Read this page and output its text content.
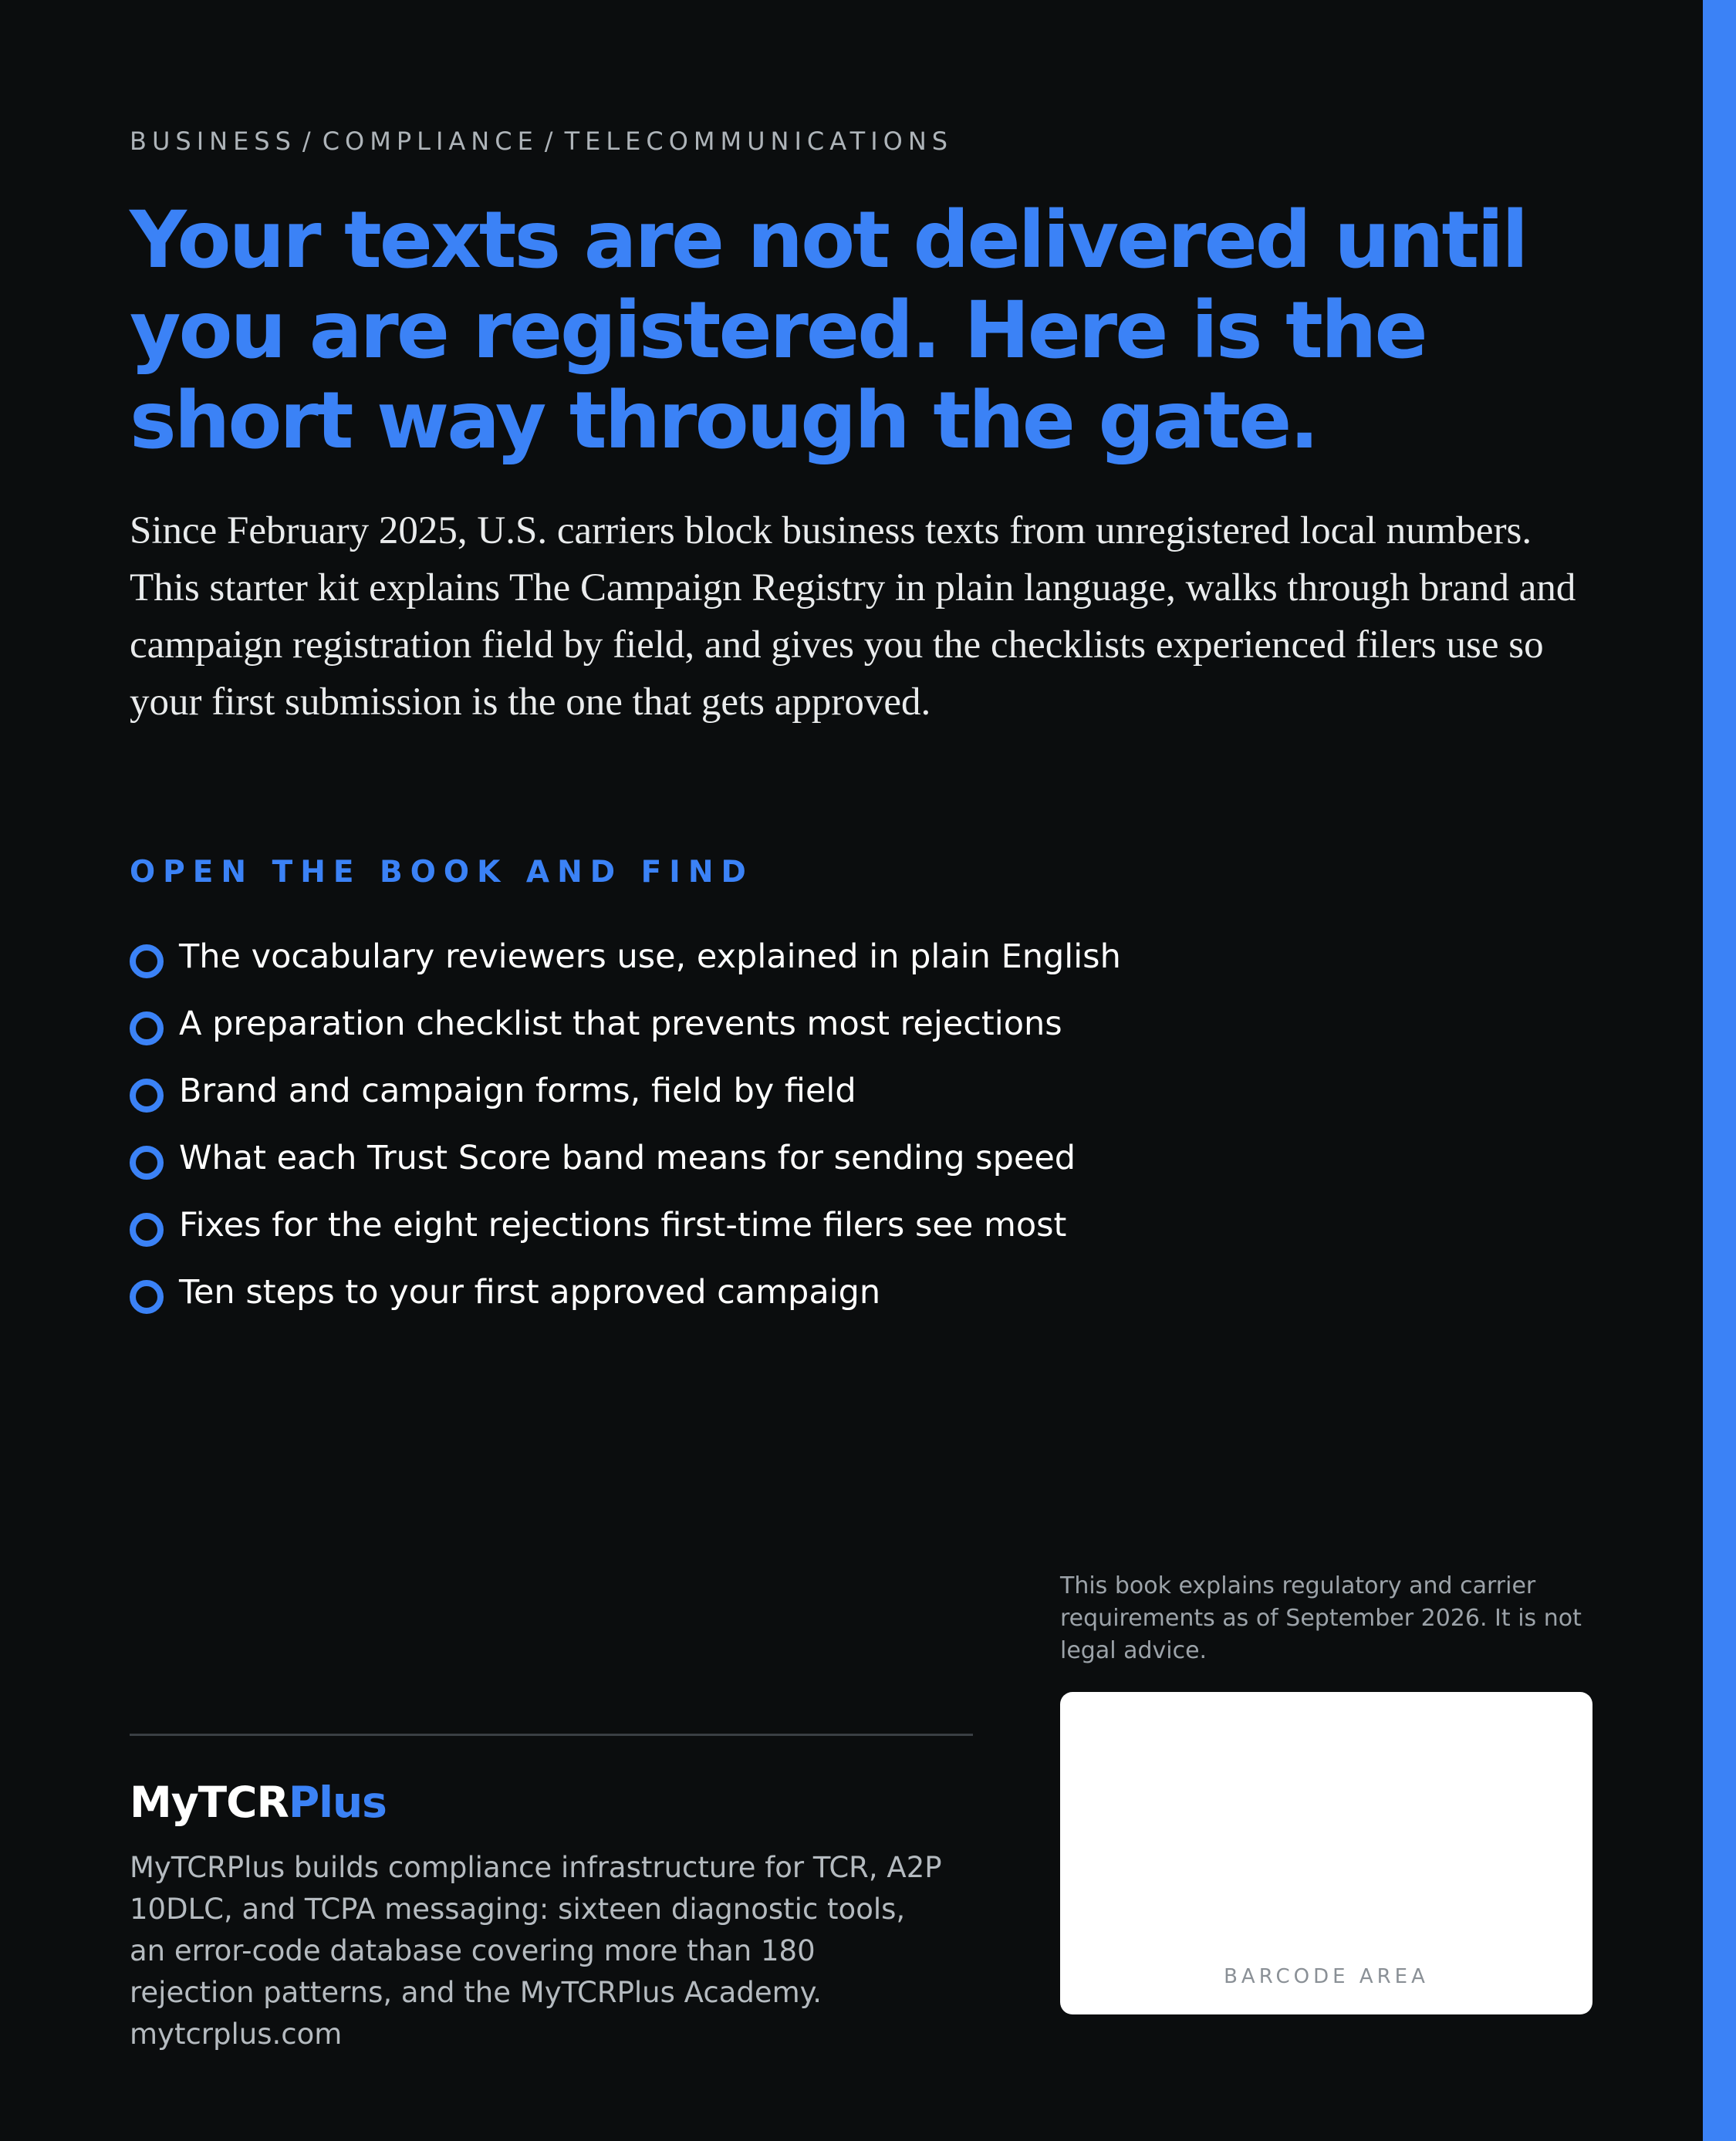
BUSINESS / COMPLIANCE / TELECOMMUNICATIONS
Your texts are not delivered until you are registered. Here is the short way through the gate.

Since February 2025, U.S. carriers block business texts from unregistered local numbers. This starter kit explains The Campaign Registry in plain language, walks through brand and campaign registration field by field, and gives you the checklists experienced filers use so your first submission is the one that gets approved.

OPEN THE BOOK AND FIND
The vocabulary reviewers use, explained in plain English
A preparation checklist that prevents most rejections
Brand and campaign forms, field by field
What each Trust Score band means for sending speed
Fixes for the eight rejections first-time filers see most
Ten steps to your first approved campaign

This book explains regulatory and carrier requirements as of September 2026. It is not legal advice.

BARCODE AREA
MyTCRPlus

MyTCRPlus builds compliance infrastructure for TCR, A2P 10DLC, and TCPA messaging: sixteen diagnostic tools, an error-code database covering more than 180 rejection patterns, and the MyTCRPlus Academy. mytcrplus.com
